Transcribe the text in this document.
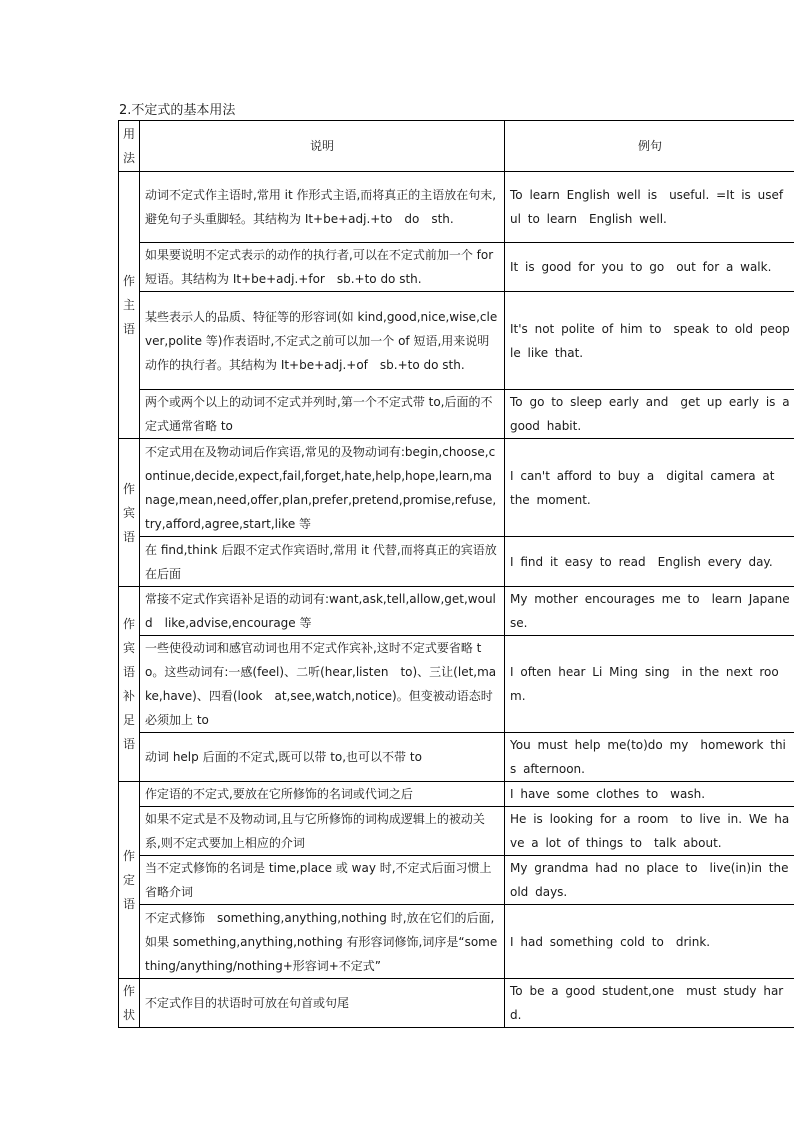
2.不定式的基本用法
用法	说明	例句
作主语	动词不定式作主语时,常用 it 作形式主语,而将真正的主语放在句末,避免句子头重脚轻。其结构为 It+be+adj.+to　do　sth.	To learn English well is　useful. =It is useful to learn　English well.
	如果要说明不定式表示的动作的执行者,可以在不定式前加一个 for 短语。其结构为 It+be+adj.+for　sb.+to do sth.	It is good for you to go　out for a walk.
	某些表示人的品质、特征等的形容词(如 kind,good,nice,wise,clever,polite 等)作表语时,不定式之前可以加一个 of 短语,用来说明动作的执行者。其结构为 It+be+adj.+of　sb.+to do sth.	It's not polite of him to　speak to old people like that.
	两个或两个以上的动词不定式并列时,第一个不定式带 to,后面的不定式通常省略 to	To go to sleep early and　get up early is a good habit.
作宾语	不定式用在及物动词后作宾语,常见的及物动词有:begin,choose,continue,decide,expect,fail,forget,hate,help,hope,learn,manage,mean,need,offer,plan,prefer,pretend,promise,refuse,try,afford,agree,start,like 等	I can't afford to buy a　digital camera at　the moment.
	在 find,think 后跟不定式作宾语时,常用 it 代替,而将真正的宾语放在后面	I find it easy to read　English every day.
作宾语补足语	常接不定式作宾语补足语的动词有:want,ask,tell,allow,get,would　like,advise,encourage 等	My mother encourages me to　learn Japanese.
	一些使役动词和感官动词也用不定式作宾补,这时不定式要省略 to。这些动词有:一感(feel)、二听(hear,listen　to)、三让(let,make,have)、四看(look　at,see,watch,notice)。但变被动语态时必须加上 to	I often hear Li Ming sing　in the next room.
	动词 help 后面的不定式,既可以带 to,也可以不带 to	You must help me(to)do my　homework this afternoon.
作定语	作定语的不定式,要放在它所修饰的名词或代词之后	I have some clothes to　wash.
	如果不定式是不及物动词,且与它所修饰的词构成逻辑上的被动关系,则不定式要加上相应的介词	He is looking for a room　to live in. We have a lot of things to　talk about.
	当不定式修饰的名词是 time,place 或 way 时,不定式后面习惯上省略介词	My grandma had no place to　live(in)in the old days.
	不定式修饰　something,anything,nothing 时,放在它们的后面,如果 something,anything,nothing 有形容词修饰,词序是“something/anything/nothing+形容词+不定式”	I had something cold to　drink.
作状	不定式作目的状语时可放在句首或句尾	To be a good student,one　must study hard.
